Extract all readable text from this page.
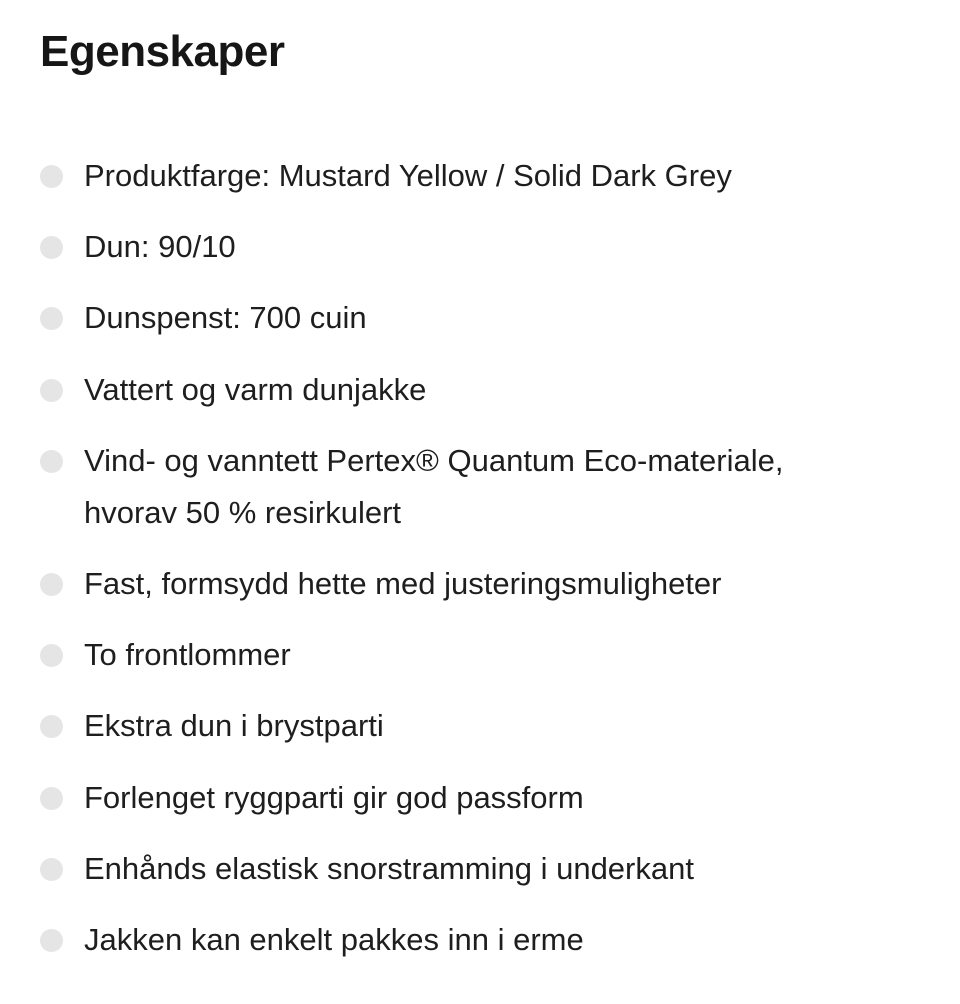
Egenskaper
Produktfarge: Mustard Yellow / Solid Dark Grey
Dun: 90/10
Dunspenst: 700 cuin
Vattert og varm dunjakke
Vind- og vanntett Pertex® Quantum Eco-materiale, hvorav 50 % resirkulert
Fast, formsydd hette med justeringsmuligheter
To frontlommer
Ekstra dun i brystparti
Forlenget ryggparti gir god passform
Enhånds elastisk snorstramming i underkant
Jakken kan enkelt pakkes inn i erme
